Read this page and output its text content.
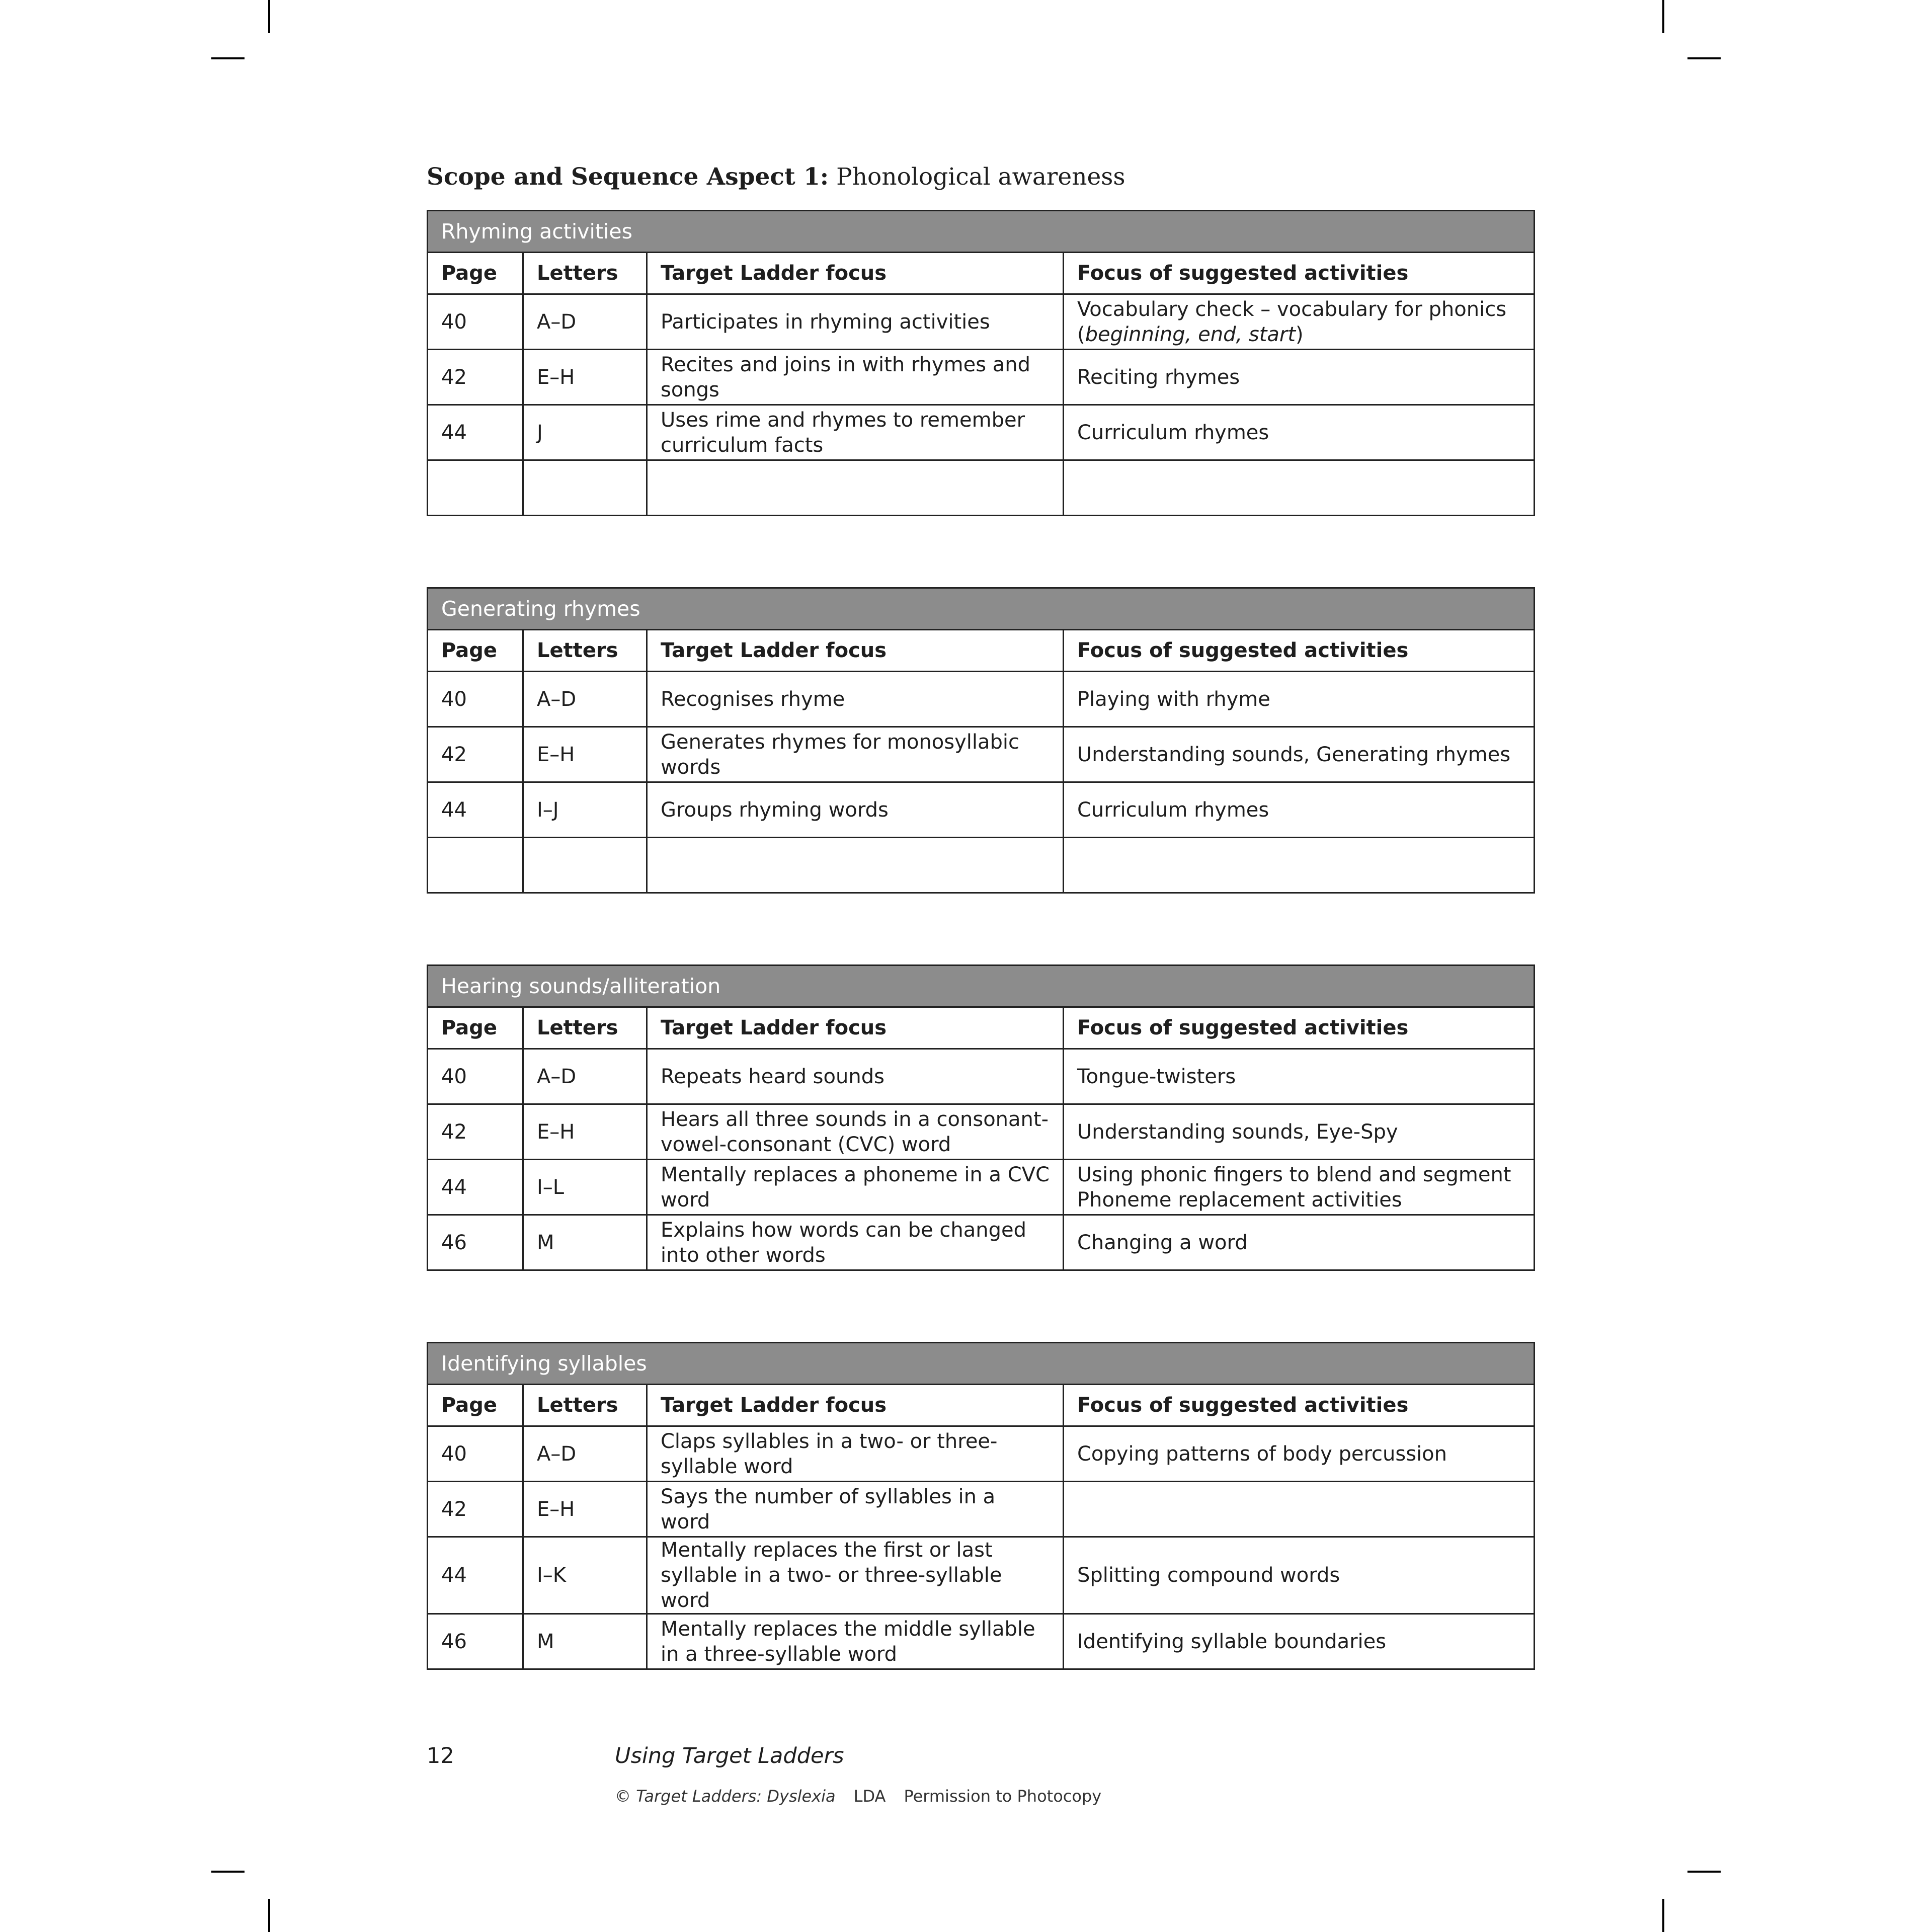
Scope and Sequence Aspect 1: Phonological awareness
Rhyming activities			
Page	Letters	Target Ladder focus	Focus of suggested activities
40	A–D	Participates in rhyming activities	Vocabulary check – vocabulary for phonics
(beginning, end, start)
42	E–H	Recites and joins in with rhymes and songs	Reciting rhymes
44	J	Uses rime and rhymes to remember curriculum facts	Curriculum rhymes

Generating rhymes			
Page	Letters	Target Ladder focus	Focus of suggested activities
40	A–D	Recognises rhyme	Playing with rhyme
42	E–H	Generates rhymes for monosyllabic words	Understanding sounds, Generating rhymes
44	I–J	Groups rhyming words	Curriculum rhymes

Hearing sounds/alliteration			
Page	Letters	Target Ladder focus	Focus of suggested activities
40	A–D	Repeats heard sounds	Tongue-twisters
42	E–H	Hears all three sounds in a consonant-vowel-consonant (CVC) word	Understanding sounds, Eye-Spy
44	I–L	Mentally replaces a phoneme in a CVC word	Using phonic fingers to blend and segment
Phoneme replacement activities
46	M	Explains how words can be changed into other words	Changing a word
Identifying syllables			
Page	Letters	Target Ladder focus	Focus of suggested activities
40	A–D	Claps syllables in a two- or three-syllable word	Copying patterns of body percussion
42	E–H	Says the number of syllables in a word	
44	I–K	Mentally replaces the first or last syllable in a two- or three-syllable word	Splitting compound words
46	M	Mentally replaces the middle syllable in a three-syllable word	Identifying syllable boundaries
12	Using Target Ladders
© Target Ladders: Dyslexia LDA Permission to Photocopy
